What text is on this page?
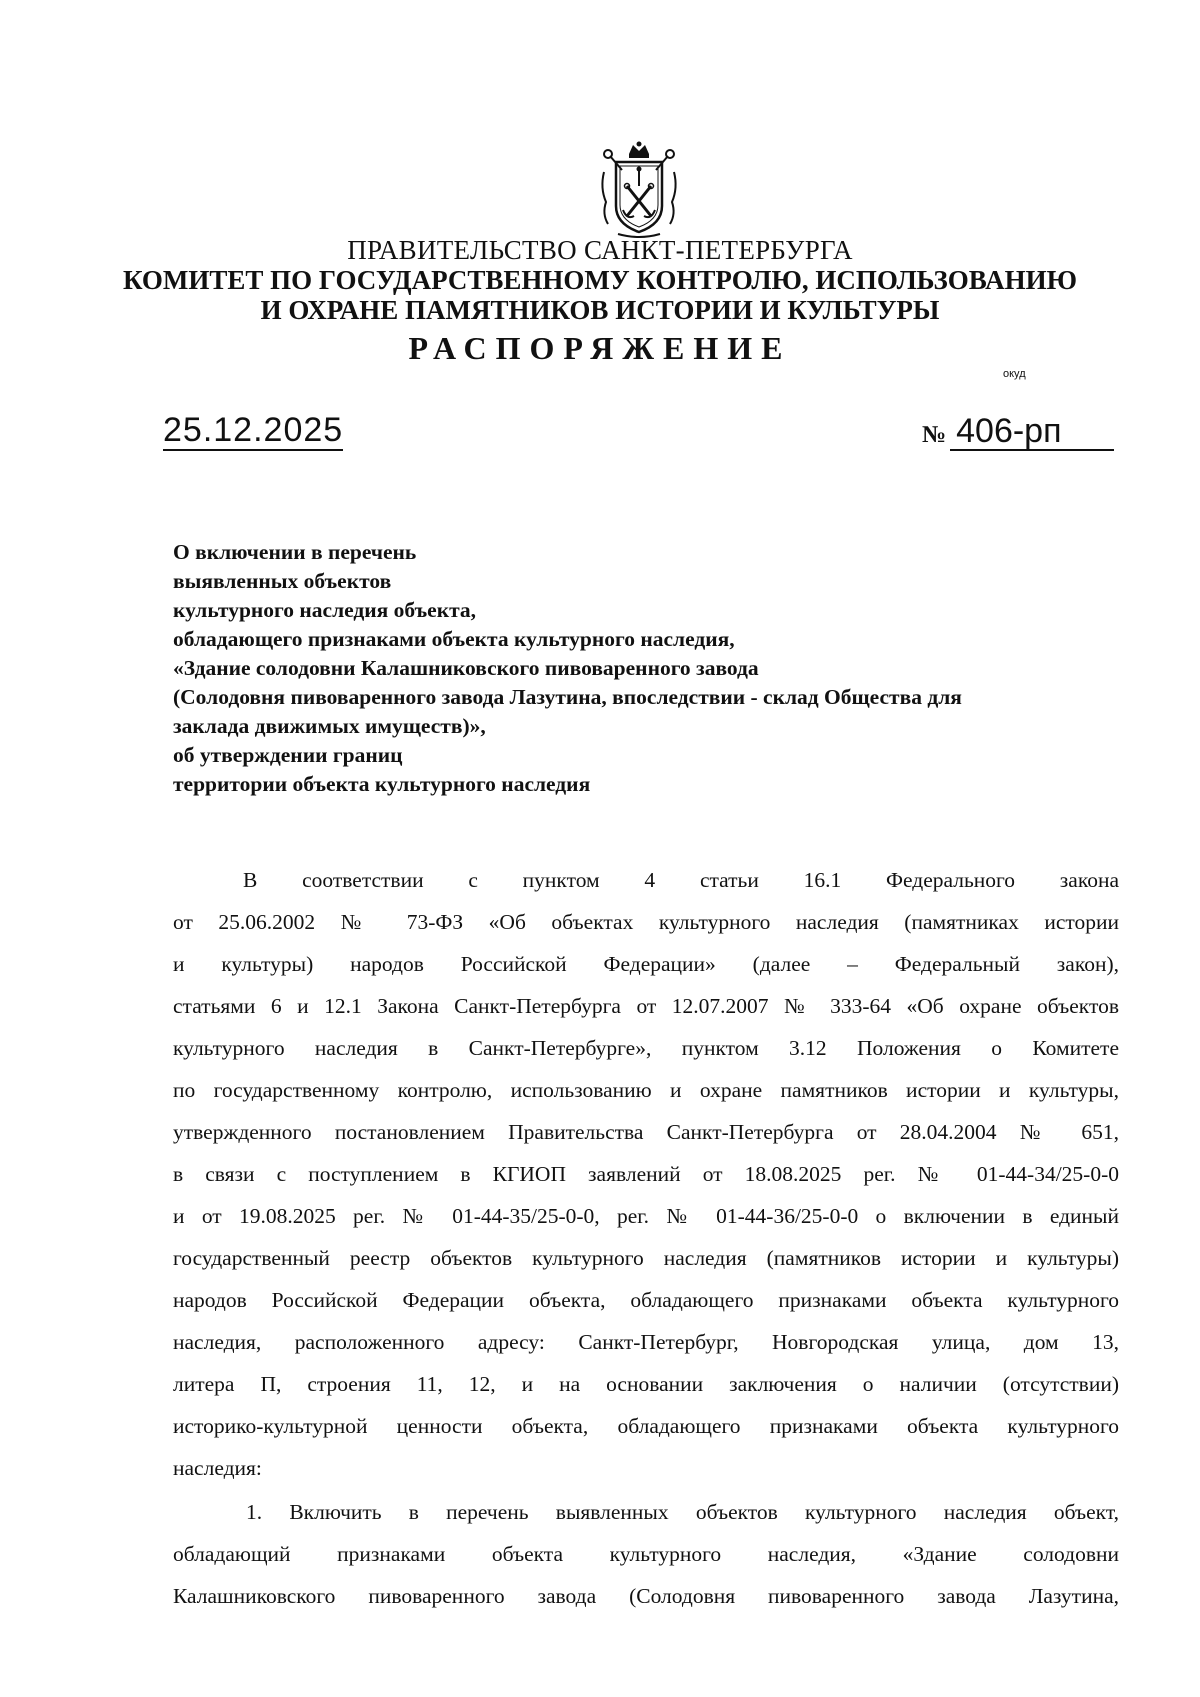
ПРАВИТЕЛЬСТВО САНКТ-ПЕТЕРБУРГА
КОМИТЕТ ПО ГОСУДАРСТВЕННОМУ КОНТРОЛЮ, ИСПОЛЬЗОВАНИЮ
И ОХРАНЕ ПАМЯТНИКОВ ИСТОРИИ И КУЛЬТУРЫ
РАСПОРЯЖЕНИЕ
окуд
25.12.2025	№ 406-рп
О включении в перечень
выявленных объектов
культурного наследия объекта,
обладающего признаками объекта культурного наследия,
«Здание солодовни Калашниковского пивоваренного завода
(Солодовня пивоваренного завода Лазутина, впоследствии - склад Общества для
заклада движимых имуществ)»,
об утверждении границ
территории объекта культурного наследия
В соответствии с пунктом 4 статьи 16.1 Федерального закона
от 25.06.2002 № 73-ФЗ «Об объектах культурного наследия (памятниках истории
и культуры) народов Российской Федерации» (далее – Федеральный закон),
статьями 6 и 12.1 Закона Санкт-Петербурга от 12.07.2007 № 333-64 «Об охране объектов
культурного наследия в Санкт-Петербурге», пунктом 3.12 Положения о Комитете
по государственному контролю, использованию и охране памятников истории и культуры,
утвержденного постановлением Правительства Санкт-Петербурга от 28.04.2004 № 651,
в связи с поступлением в КГИОП заявлений от 18.08.2025 рег. № 01-44-34/25-0-0
и от 19.08.2025 рег. № 01-44-35/25-0-0, рег. № 01-44-36/25-0-0 о включении в единый
государственный реестр объектов культурного наследия (памятников истории и культуры)
народов Российской Федерации объекта, обладающего признаками объекта культурного
наследия, расположенного адресу: Санкт-Петербург, Новгородская улица, дом 13,
литера П, строения 11, 12, и на основании заключения о наличии (отсутствии)
историко-культурной ценности объекта, обладающего признаками объекта культурного
наследия:
1. Включить в перечень выявленных объектов культурного наследия объект,
обладающий признаками объекта культурного наследия, «Здание солодовни
Калашниковского пивоваренного завода (Солодовня пивоваренного завода Лазутина,
